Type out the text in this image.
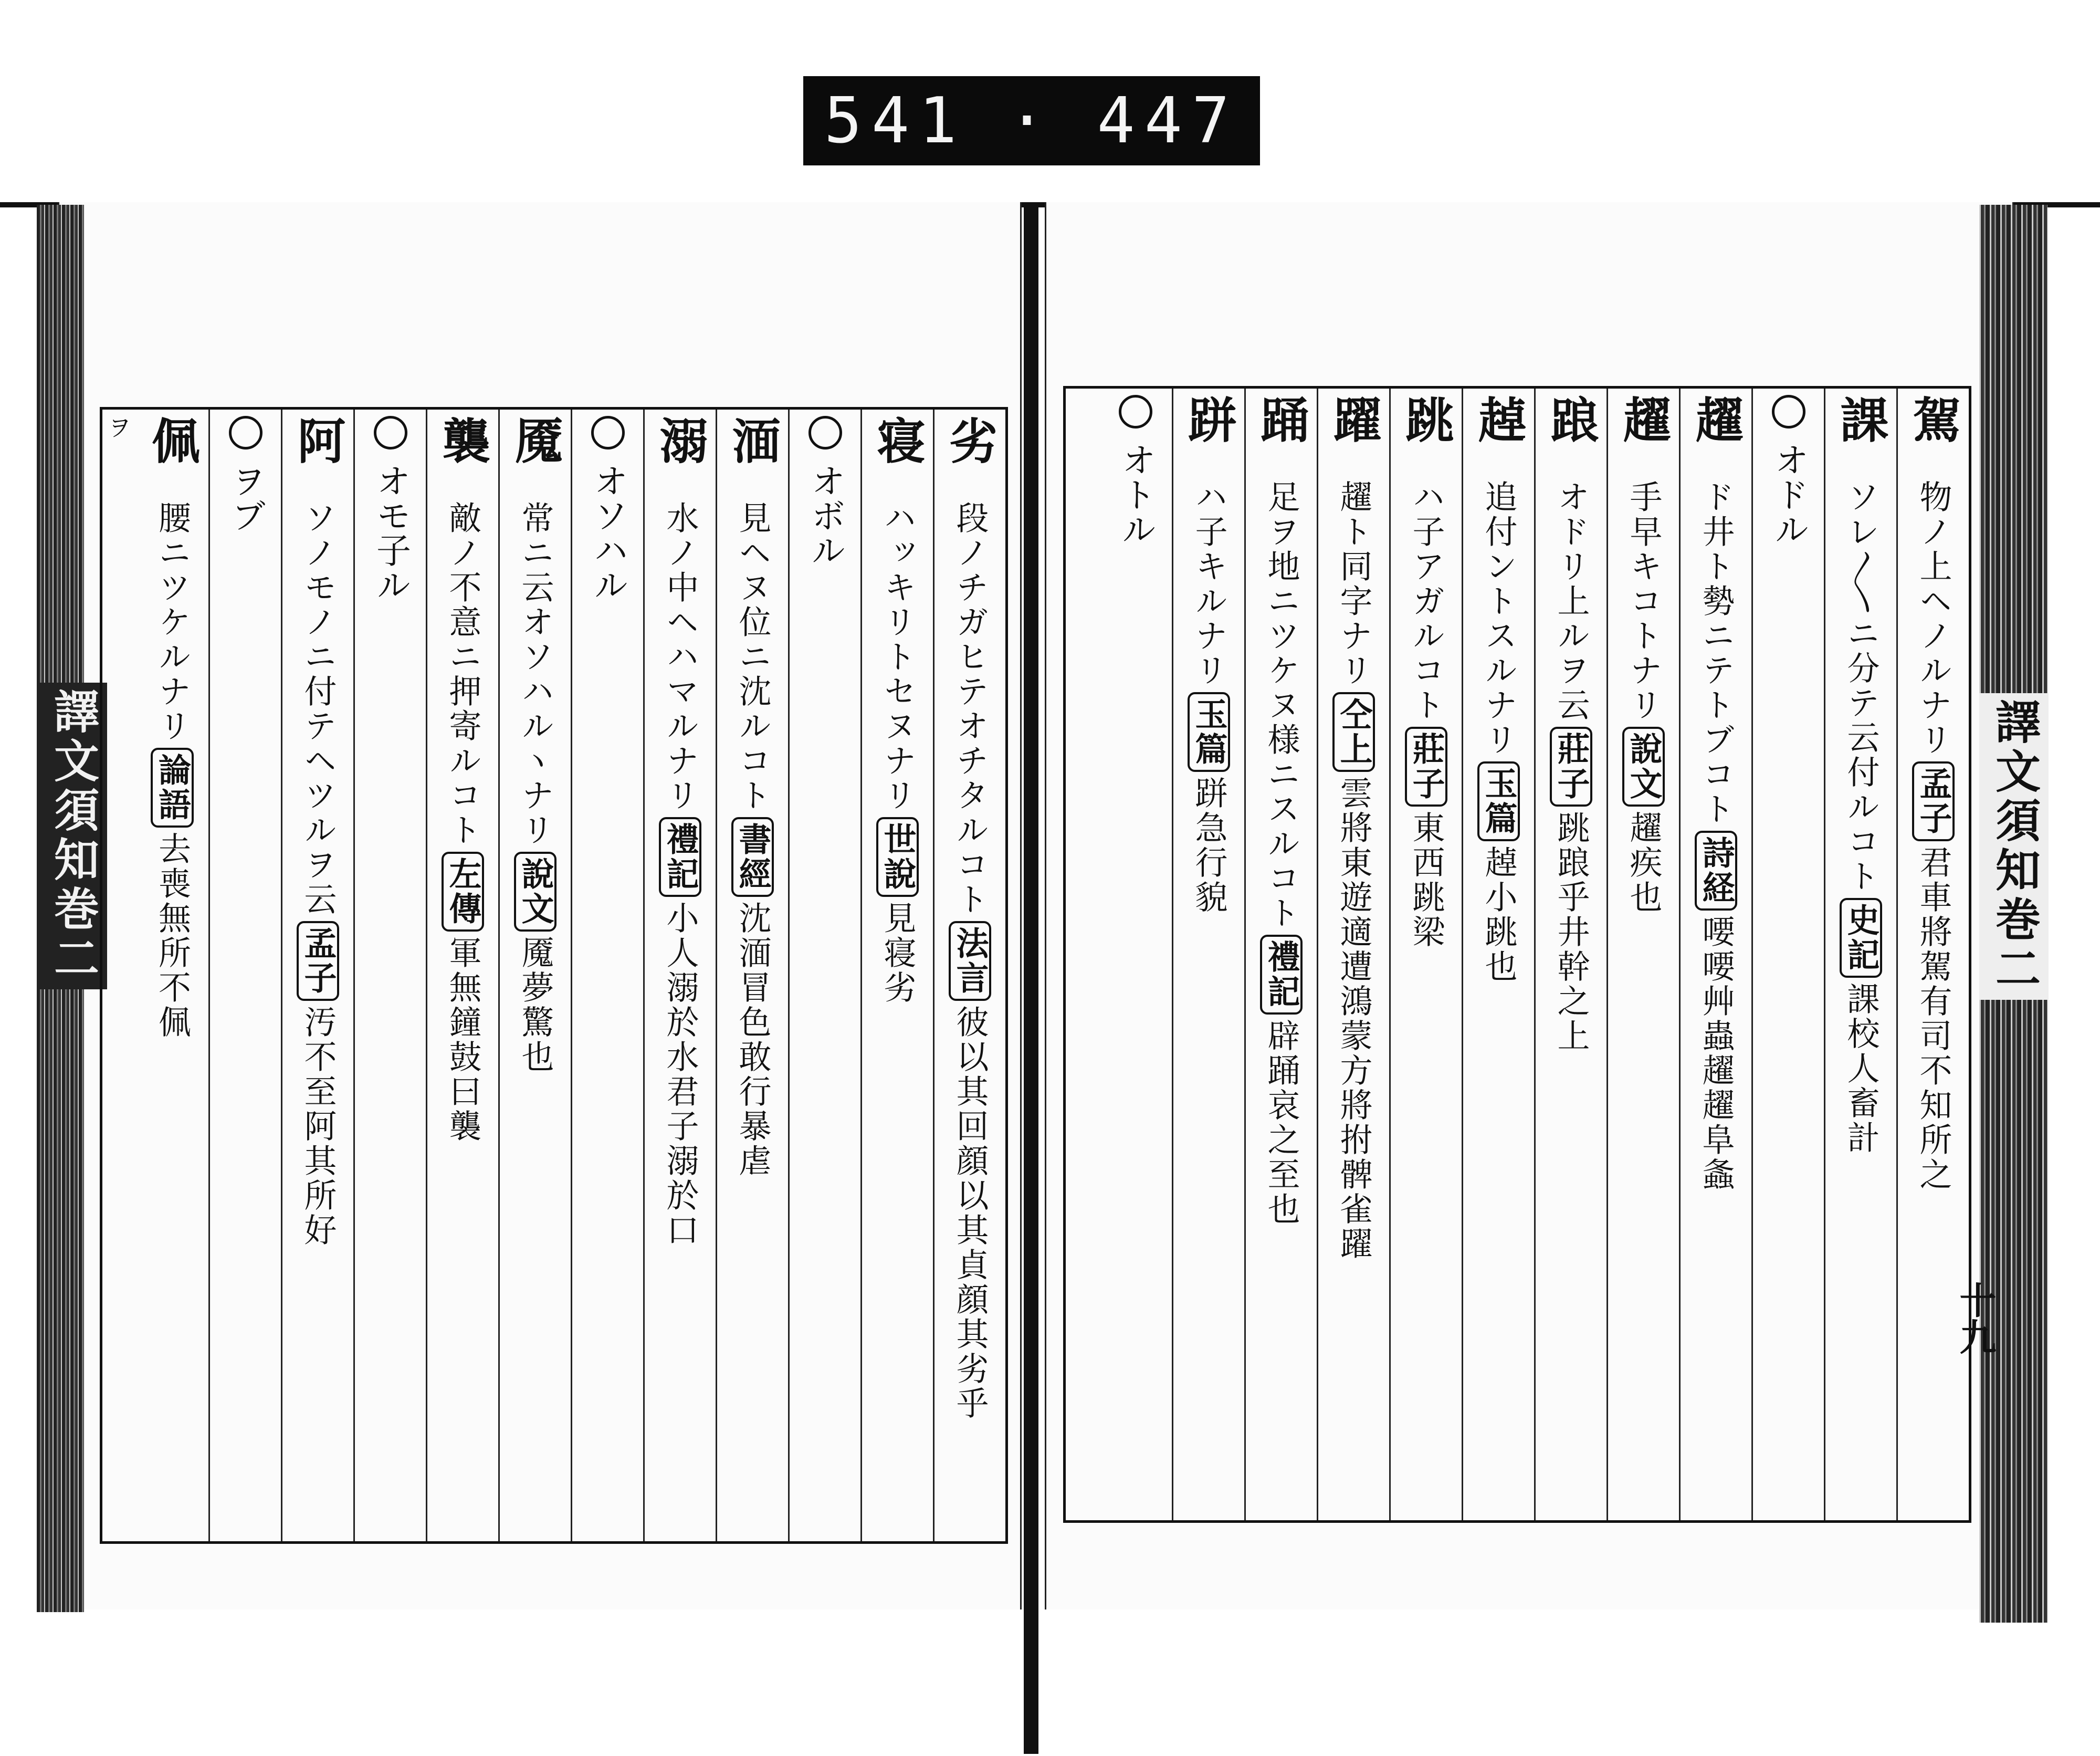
541 · 447
譯文須知巻二	譯文須知巻二
十九
駕
物ノ上ヘノルナリ孟子君車將駕有司不知所之
課
ソレ〳〵ニ分テ云付ルコト史記課校人畜計
オドル
趯
ド井ト勢ニテトブコト詩経喓喓艸蟲趯趯阜螽
趯
手早キコトナリ說文趯疾也
踉
オドリ上ルヲ云莊子跳踉乎井幹之上
趠
追付ントスルナリ玉篇趠小跳也
跳
ハ子アガルコト莊子東西跳梁
躍
趯ト同字ナリ仝上雲將東遊適遭鴻蒙方將拊髀雀躍
踊
足ヲ地ニツケヌ様ニスルコト禮記辟踊哀之至也
跰
ハ子キルナリ玉篇跰急行貌
オトル
劣
段ノチガヒテオチタルコト法言彼以其回顔以其貞顔其劣乎
寝
ハッキリトセヌナリ世說見寝劣
オボル
湎
見ヘヌ位ニ沈ルコト書經沈湎冒色敢行暴虐
溺
水ノ中ヘハマルナリ禮記小人溺於水君子溺於口
オソハル
魇
常ニ云オソハルヽナリ說文魇夢驚也
襲
敵ノ不意ニ押寄ルコト左傳軍無鐘鼓曰襲
オモ子ル
阿
ソノモノニ付テヘツルヲ云孟子汚不至阿其所好
ヲブ
佩
腰ニツケルナリ論語去喪無所不佩
ヲ
